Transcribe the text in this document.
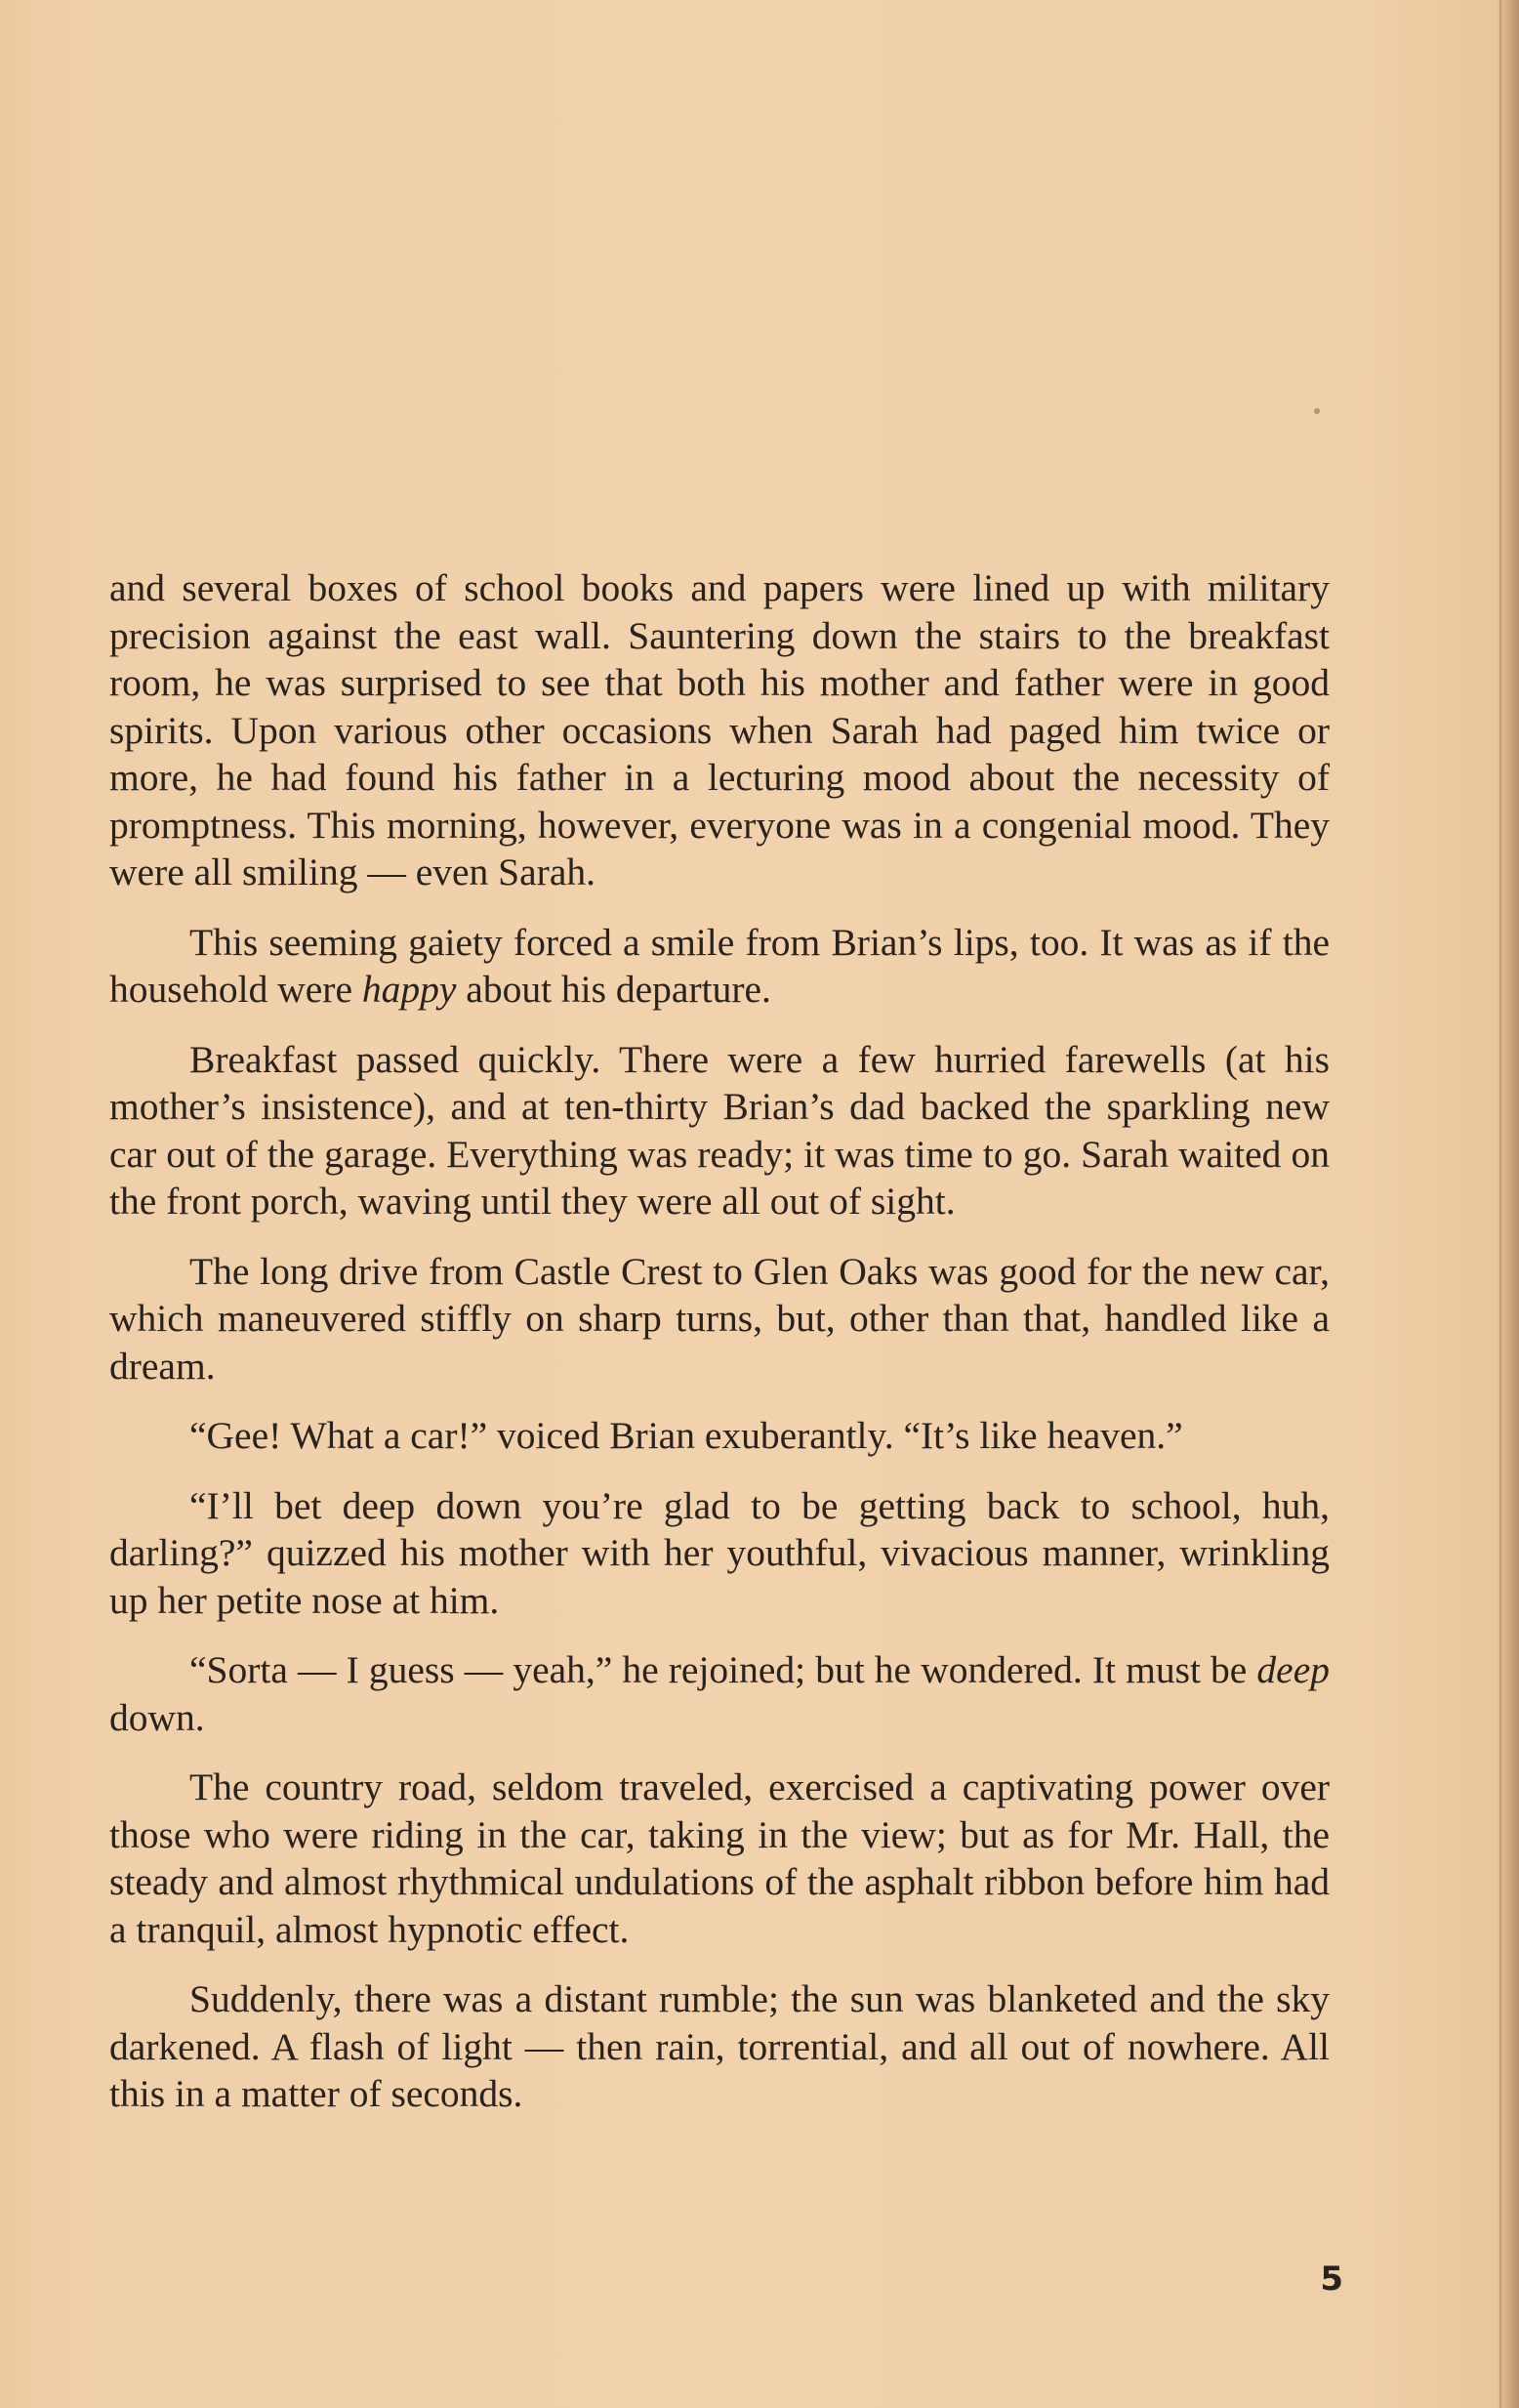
and several boxes of school books and papers were lined up with military precision against the east wall. Sauntering down the stairs to the breakfast room, he was surprised to see that both his mother and father were in good spirits. Upon various other occasions when Sarah had paged him twice or more, he had found his father in a lecturing mood about the necessity of promptness. This morning, however, everyone was in a congenial mood. They were all smiling — even Sarah.

This seeming gaiety forced a smile from Brian’s lips, too. It was as if the household were happy about his departure.

Breakfast passed quickly. There were a few hurried farewells (at his mother’s insistence), and at ten-thirty Brian’s dad backed the sparkling new car out of the garage. Everything was ready; it was time to go. Sarah waited on the front porch, waving until they were all out of sight.

The long drive from Castle Crest to Glen Oaks was good for the new car, which maneuvered stiffly on sharp turns, but, other than that, handled like a dream.

“Gee! What a car!” voiced Brian exuberantly. “It’s like heaven.”

“I’ll bet deep down you’re glad to be getting back to school, huh, darling?” quizzed his mother with her youthful, vivacious manner, wrinkling up her petite nose at him.

“Sorta — I guess — yeah,” he rejoined; but he wondered. It must be deep down.

The country road, seldom traveled, exercised a captivating power over those who were riding in the car, taking in the view; but as for Mr. Hall, the steady and almost rhythmical undulations of the asphalt ribbon before him had a tranquil, almost hypnotic effect.

Suddenly, there was a distant rumble; the sun was blanketed and the sky darkened. A flash of light — then rain, torrential, and all out of nowhere. All this in a matter of seconds.

5
